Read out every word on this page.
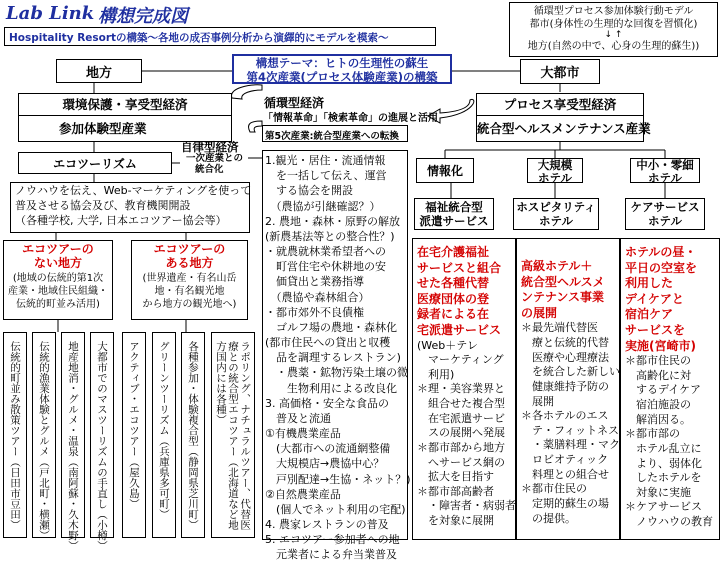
Lab Link 構想完成図
Hospitality Resortの構築～各地の成否事例分析から演繹的にモデルを模索～
循環型プロセス参加体験行動モデル
都市(身体性の生理的な回復を習慣化)
↓ ↑
地方(自然の中で、心身の生理的蘇生))
地方
構想テーマ：ヒトの生理性の蘇生
第4次産業(プロセス体験産業)の構築	大都市
循環型経済
「情報革命」「検索革命」の進展と活用
第5次産業:統合型産業への転換
環境保護・享受型経済
参加体験型産業
エコツーリズム
自律型経済
一次産業との
統合化
ノウハウを伝え、Web-マーケティングを使って
普及させる協会及び、教育機関開設
（各種学校, 大学, 日本エコツアー協会等）
エコツアーの
ない地方
(地域の伝統的第1次
産業・地域住民組織・
伝統的町並み活用)
エコツアーの
ある地方
(世界遺産・有名山岳
地・有名観光地
から地方の観光地へ)
伝統的町並み散策ツアー（日田市豆田） 伝統的漁業体験とグルメ（戸北町・横瀬） 地産地消・グルメ・温泉（南阿蘇・久木野） 大都市でのマスツーリズムの手直し（小樽） アクティブ・エコツアー（屋久島） グリーンツーリズム（兵庫県多可町） 各種参加・体験複合型（静岡県芝川町）	ラポリング、ナチュラルツアー、代替医療との統合型エコツアー（北海道など地方国内には各種）
1.観光・居住・流通情報
　を一括して伝え、運営
　する協会を開設
　（農協が引継確認？）
2. 農地・森林・原野の解放
(新農基法等との整合性？)
・就農就林業希望者への
　町営住宅や休耕地の安
　価貸出と業務指導
　（農協や森林組合）
・都市郊外不良債権
　ゴルフ場の農地・森林化
(都市住民への貸出と収穫
　品を調理するレストラン)
　・農薬・鉱物汚染土壌の微
　　生物利用による改良化
3. 高価格・安全な食品の
　普及と流通
①有機農業産品
　(大都市への流通網整備
　大規模店→農協中心？
　戸別配達→生協・ネット？)
②自然農業産品
　(個人でネット利用の宅配)
4. 農家レストランの普及
5. エコツアー参加者への地
　元業者による弁当業普及
プロセス享受型経済
統合型ヘルスメンテナンス産業
情報化	大規模
ホテル
中小・零細
ホテル
福祉統合型
派遣サービス
ホスピタリティ
ホテル
ケアサービス
ホテル
在宅介護福祉
サービスと組合
せた各種代替
医療団体の登
録者による在
宅派遣サービス
(Web＋テレ
　マーケティング
　利用)
＊理・美容業界と
　組合せた複合型
　在宅派遣サービ
　スの展開へ発展
＊都市部から地方
　へサービス網の
　拡大を目指す
＊都市部高齢者
　・障害者・病弱者
　を対象に展開
高級ホテル＋
統合型ヘルスメ
ンテナンス事業
の展開
＊最先端代替医
　療と伝統的代替
　医療や心理療法
　を統合した新しい
　健康維持予防の
　展開
＊各ホテルのエス
　テ・フィットネス
　・薬膳料理・マク
　ロビオティック
　料理との組合せ
＊都市住民の
　定期的蘇生の場
　の提供。
ホテルの昼・
平日の空室を
利用した
デイケアと
宿泊ケア
サービスを
実施(宮崎市)
＊都市住民の
　高齢化に対
　するデイケア
　宿泊施設の
　解消因る。
＊都市部の
　ホテル乱立に
　より、弱体化
　したホテルを
　対象に実施
＊ケアサービス
　ノウハウの教育
